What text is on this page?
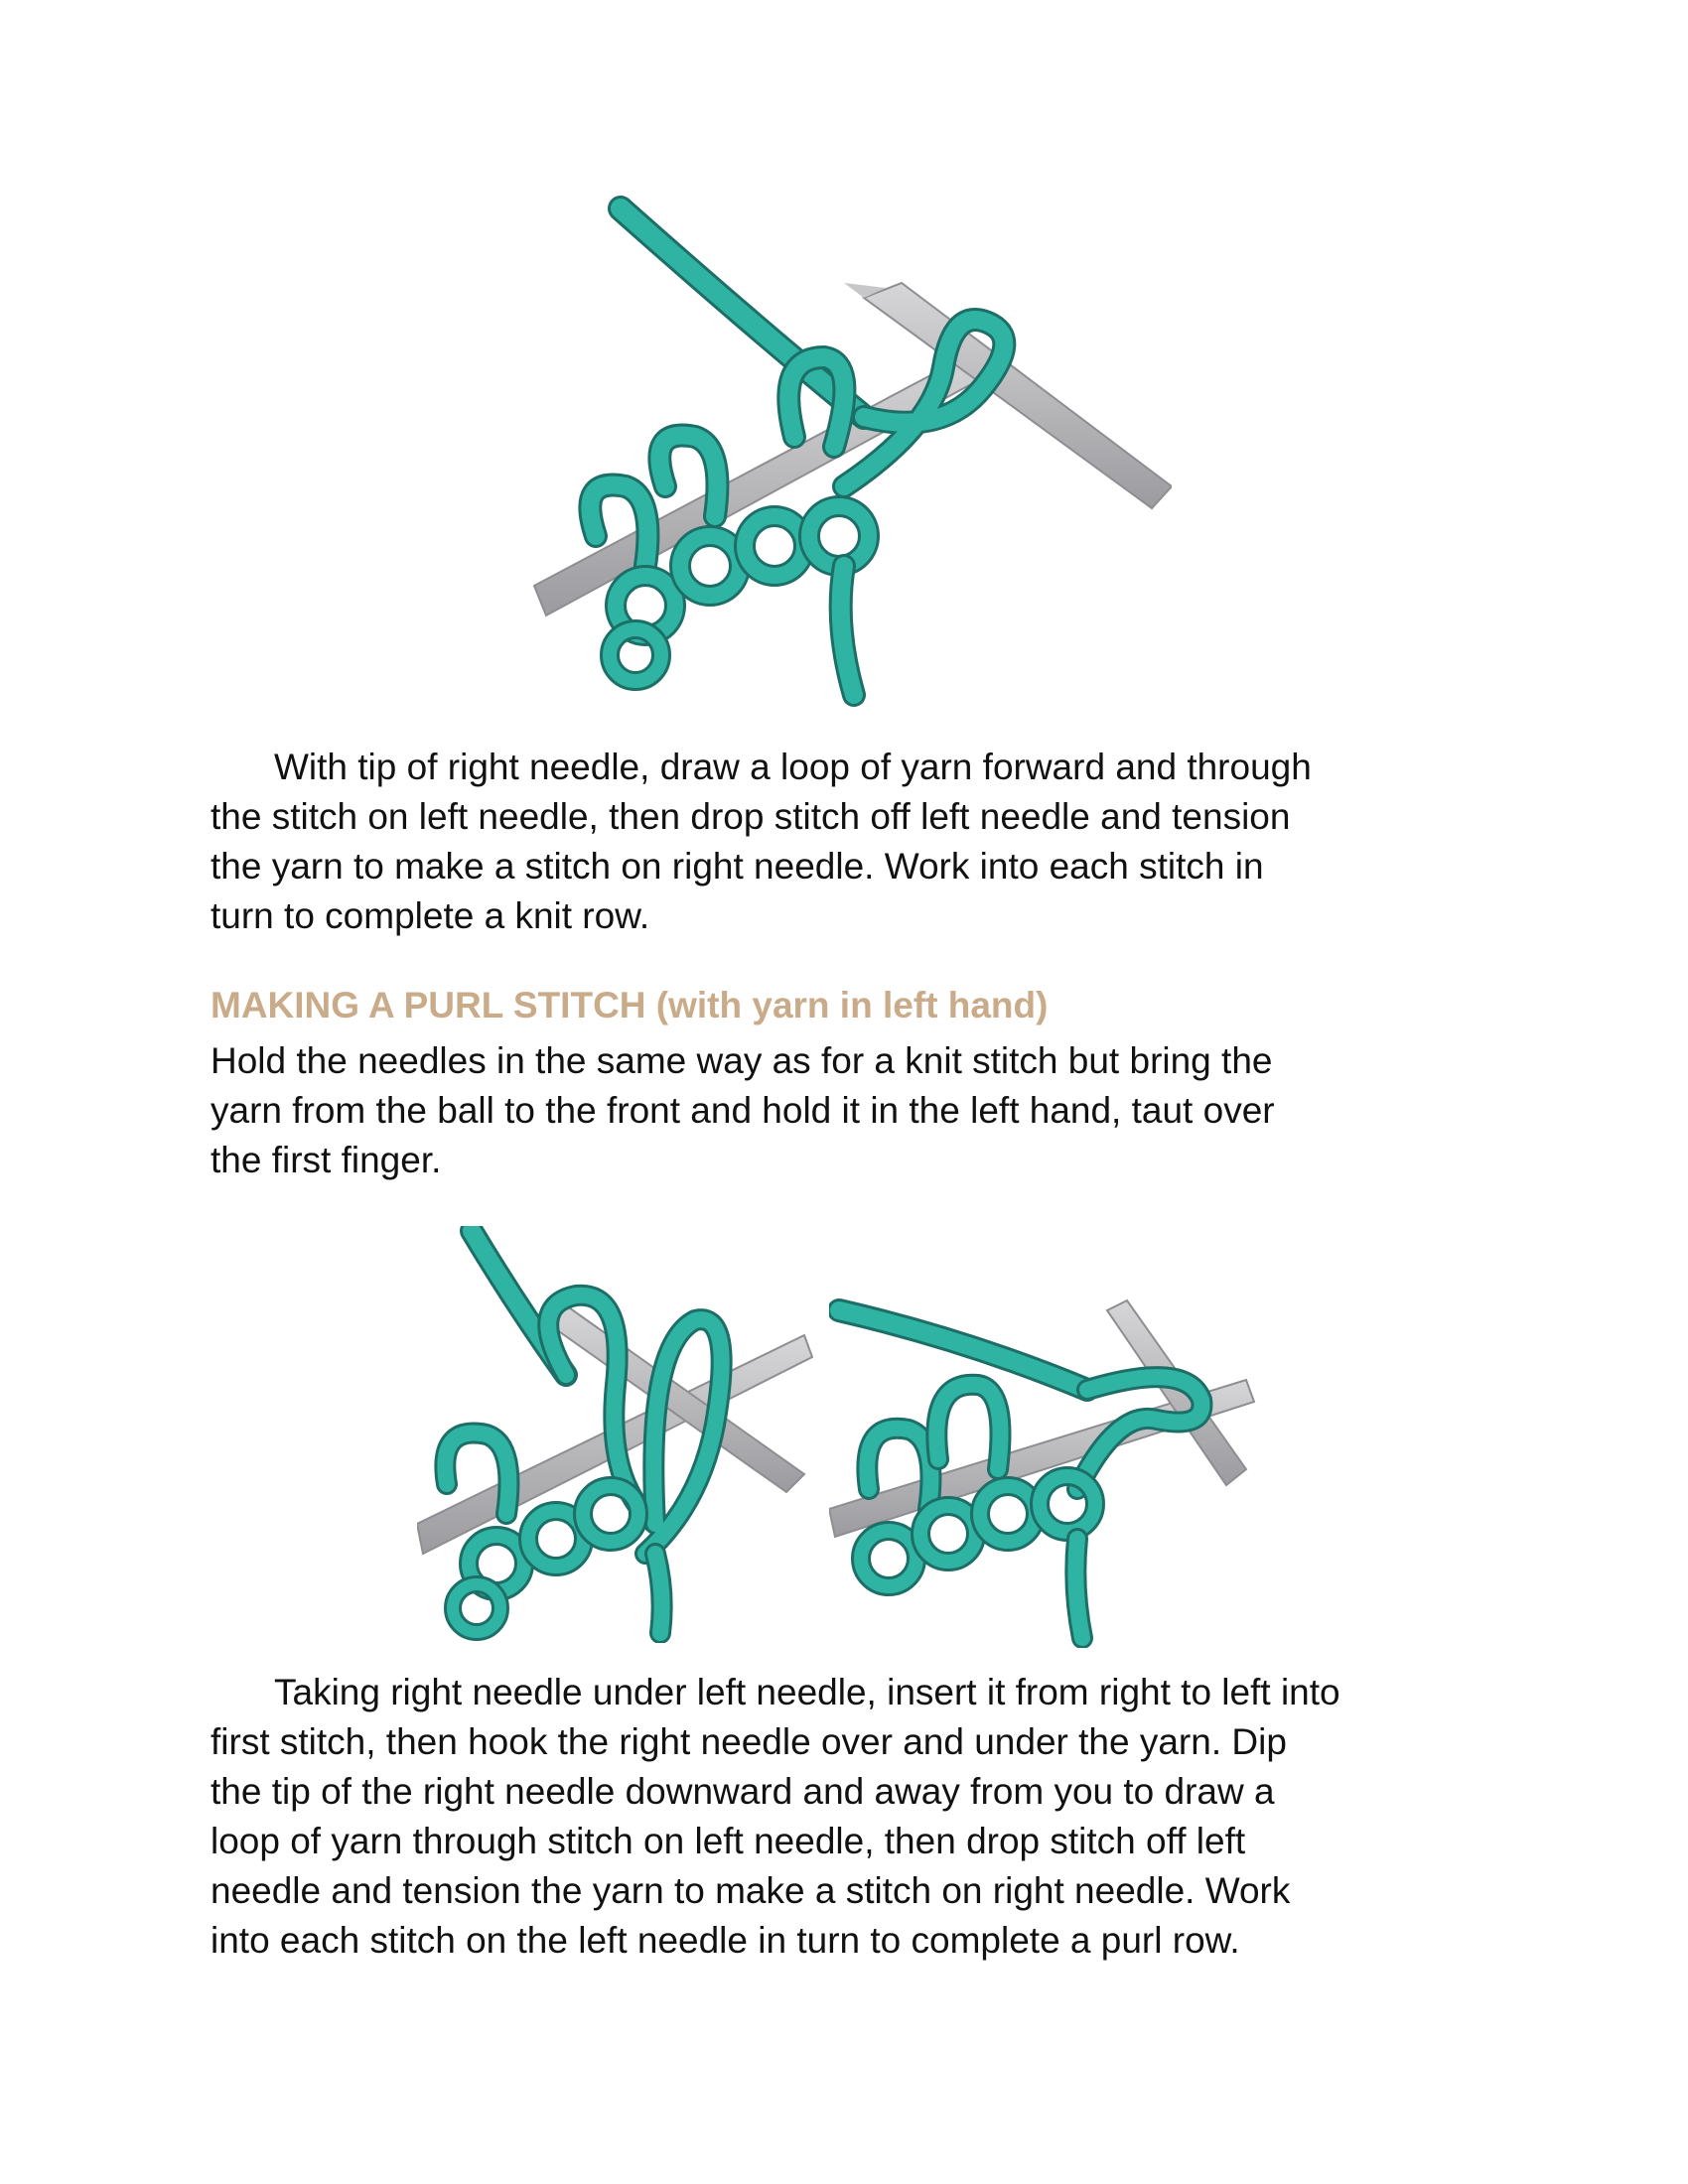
With tip of right needle, draw a loop of yarn forward and through
the stitch on left needle, then drop stitch off left needle and tension
the yarn to make a stitch on right needle. Work into each stitch in
turn to complete a knit row.

MAKING A PURL STITCH (with yarn in left hand)

Hold the needles in the same way as for a knit stitch but bring the
yarn from the ball to the front and hold it in the left hand, taut over
the first finger.

Taking right needle under left needle, insert it from right to left into
first stitch, then hook the right needle over and under the yarn. Dip
the tip of the right needle downward and away from you to draw a
loop of yarn through stitch on left needle, then drop stitch off left
needle and tension the yarn to make a stitch on right needle. Work
into each stitch on the left needle in turn to complete a purl row.
